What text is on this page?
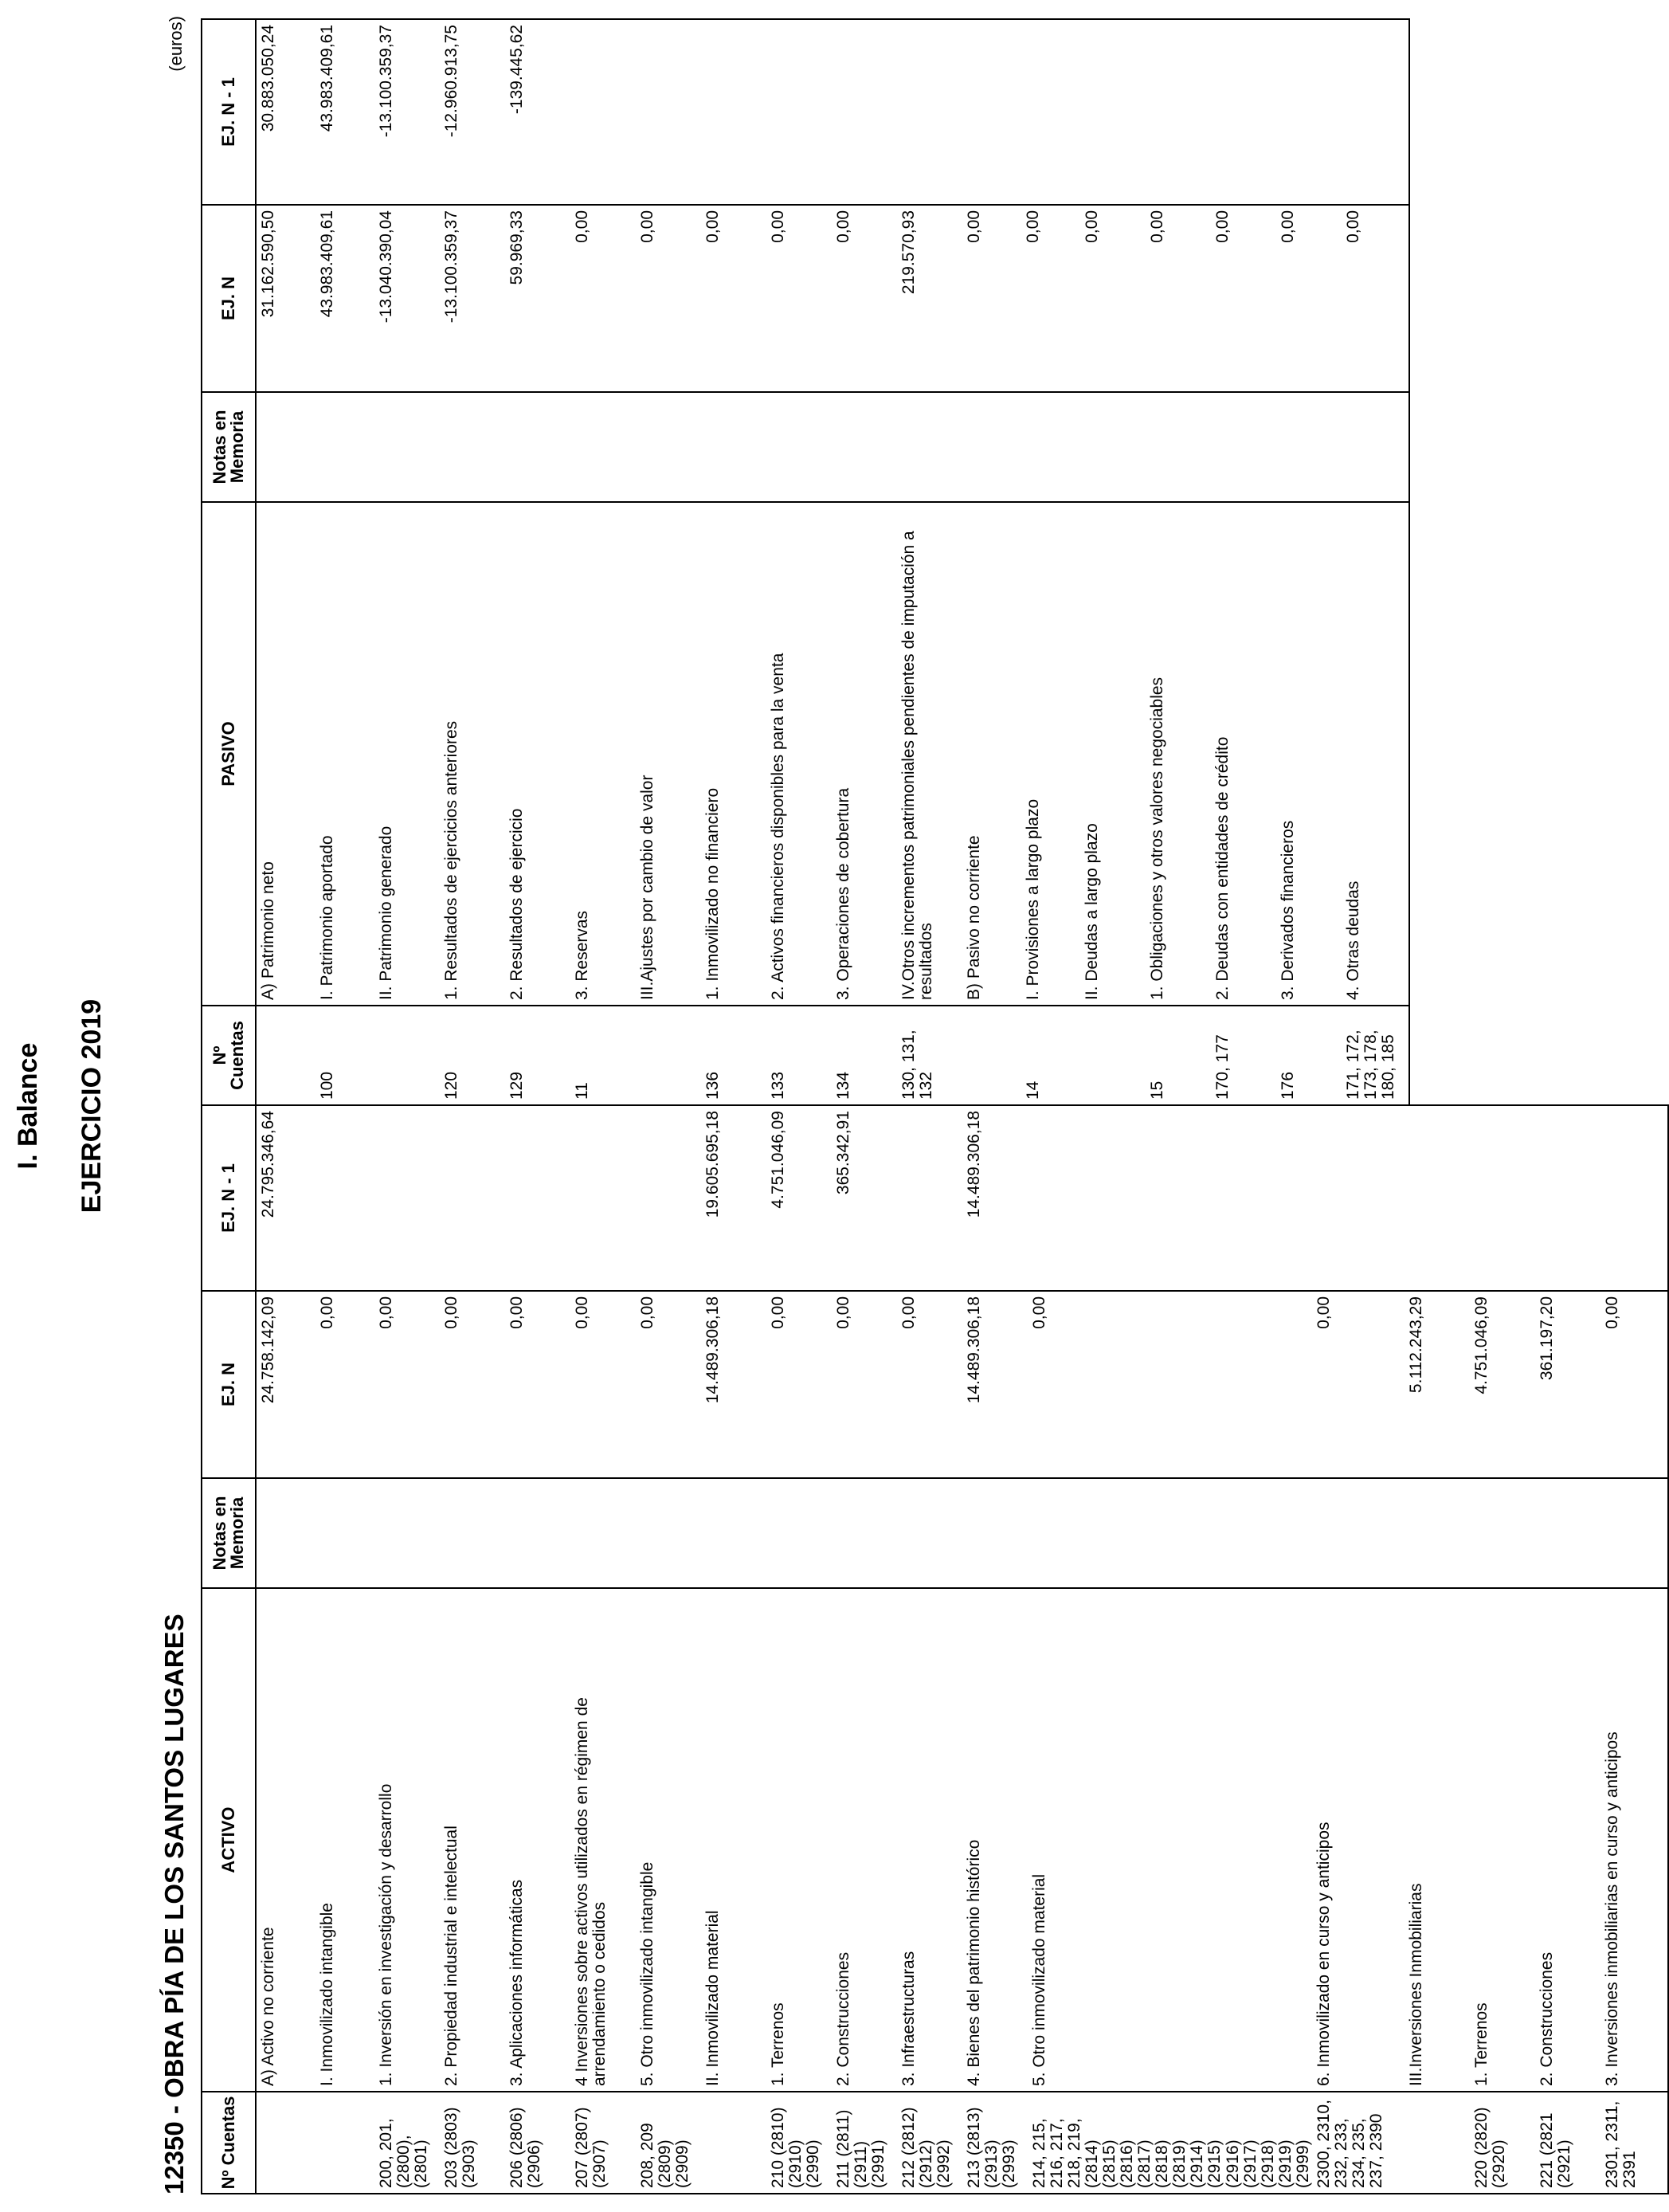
I. Balance EJERCICIO 2019
12350 - OBRA PÍA DE LOS SANTOS LUGARES
(euros)
Nº Cuentas	ACTIVO	Notas en Memoria	EJ. N	EJ. N - 1
	A) Activo no corriente		24.758.142,09	24.795.346,64
	I. Inmovilizado intangible		0,00	
200, 201, (2800), (2801)	1. Inversión en investigación y desarrollo		0,00	
203 (2803) (2903)	2. Propiedad industrial e intelectual		0,00	
206 (2806) (2906)	3. Aplicaciones informáticas		0,00	
207 (2807) (2907)	4 Inversiones sobre activos utilizados en régimen de arrendamiento o cedidos		0,00	
208, 209 (2809) (2909)	5. Otro inmovilizado intangible		0,00	
	II. Inmovilizado material		14.489.306,18	19.605.695,18
210 (2810) (2910) (2990)	1. Terrenos		0,00	4.751.046,09
211 (2811) (2911) (2991)	2. Construcciones		0,00	365.342,91
212 (2812) (2912) (2992)	3. Infraestructuras		0,00	
213 (2813) (2913) (2993)	4. Bienes del patrimonio histórico		14.489.306,18	14.489.306,18
214, 215, 216, 217, 218, 219, (2814) (2815) (2816) (2817) (2818) (2819) (2914) (2915) (2916) (2917) (2918) (2919) (2999)	5. Otro inmovilizado material		0,00	
2300, 2310, 232, 233, 234, 235, 237, 2390	6. Inmovilizado en curso y anticipos		0,00	
	III.Inversiones Inmobiliarias		5.112.243,29	
220 (2820) (2920)	1. Terrenos		4.751.046,09	
221 (2821 (2921)	2. Construcciones		361.197,20	
2301, 2311, 2391	3. Inversiones inmobiliarias en curso y anticipos		0,00	
Nº Cuentas	PASIVO	Notas en Memoria	EJ. N	EJ. N - 1
	A) Patrimonio neto		31.162.590,50	30.883.050,24
100	I. Patrimonio aportado		43.983.409,61	43.983.409,61
	II. Patrimonio generado		-13.040.390,04	-13.100.359,37
120	1. Resultados de ejercicios anteriores		-13.100.359,37	-12.960.913,75
129	2. Resultados de ejercicio		59.969,33	-139.445,62
11	3. Reservas		0,00	
	III.Ajustes por cambio de valor		0,00	
136	1. Inmovilizado no financiero		0,00	
133	2. Activos financieros disponibles para la venta		0,00	
134	3. Operaciones de cobertura		0,00	
130, 131, 132	IV.Otros incrementos patrimoniales pendientes de imputación a resultados		219.570,93	
	B) Pasivo no corriente		0,00	
14	I. Provisiones a largo plazo		0,00	
	II. Deudas a largo plazo		0,00	
15	1. Obligaciones y otros valores negociables		0,00	
170, 177	2. Deudas con entidades de crédito		0,00	
176	3. Derivados financieros		0,00	
171, 172, 173, 178, 180, 185	4. Otras deudas		0,00	
